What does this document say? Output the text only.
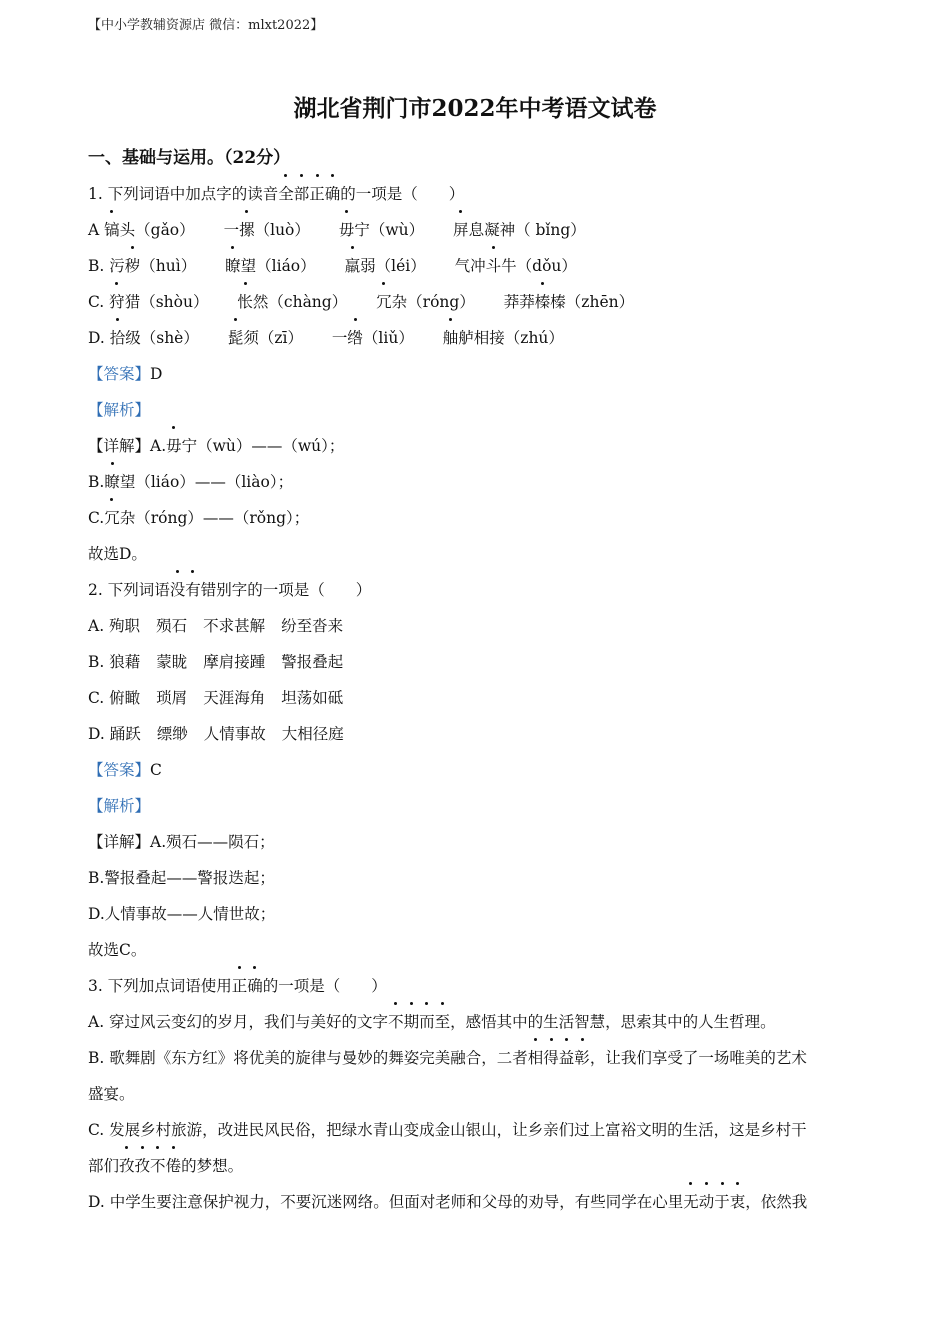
【中小学教辅资源店 微信：mlxt2022】
湖北省荆门市2022年中考语文试卷
一、基础与运用。（22分）
1. 下列词语中加点字的读音全部正确的一项是（　　）
A 镐头（gǎo） 一摞（luò） 毋宁（wù） 屏息凝神（ bǐng）
B. 污秽（huì） 瞭望（liáo） 羸弱（léi） 气冲斗牛（dǒu）
C. 狩猎（shòu） 怅然（chàng） 冗杂（róng） 莽莽榛榛（zhēn）
D. 拾级（shè） 髭须（zī） 一绺（liǔ） 舳舻相接（zhú）
【答案】D
【解析】
【详解】A.毋宁（wù）——（wú）；
B.瞭望（liáo）——（liào）；
C.冗杂（róng）——（rǒng）；
故选D。
2. 下列词语没有错别字的一项是（　　）
A. 殉职 殒石 不求甚解 纷至沓来
B. 狼藉 蒙眬 摩肩接踵 警报叠起
C. 俯瞰 琐屑 天涯海角 坦荡如砥
D. 踊跃 缥缈 人情事故 大相径庭
【答案】C
【解析】
【详解】A.殒石——陨石；
B.警报叠起——警报迭起；
D.人情事故——人情世故；
故选C。
3. 下列加点词语使用正确的一项是（　　）
A. 穿过风云变幻的岁月，我们与美好的文字不期而至，感悟其中的生活智慧，思索其中的人生哲理。
B. 歌舞剧《东方红》将优美的旋律与曼妙的舞姿完美融合，二者相得益彰，让我们享受了一场唯美的艺术
盛宴。
C. 发展乡村旅游，改进民风民俗，把绿水青山变成金山银山，让乡亲们过上富裕文明的生活，这是乡村干
部们孜孜不倦的梦想。
D. 中学生要注意保护视力，不要沉迷网络。但面对老师和父母的劝导，有些同学在心里无动于衷，依然我
